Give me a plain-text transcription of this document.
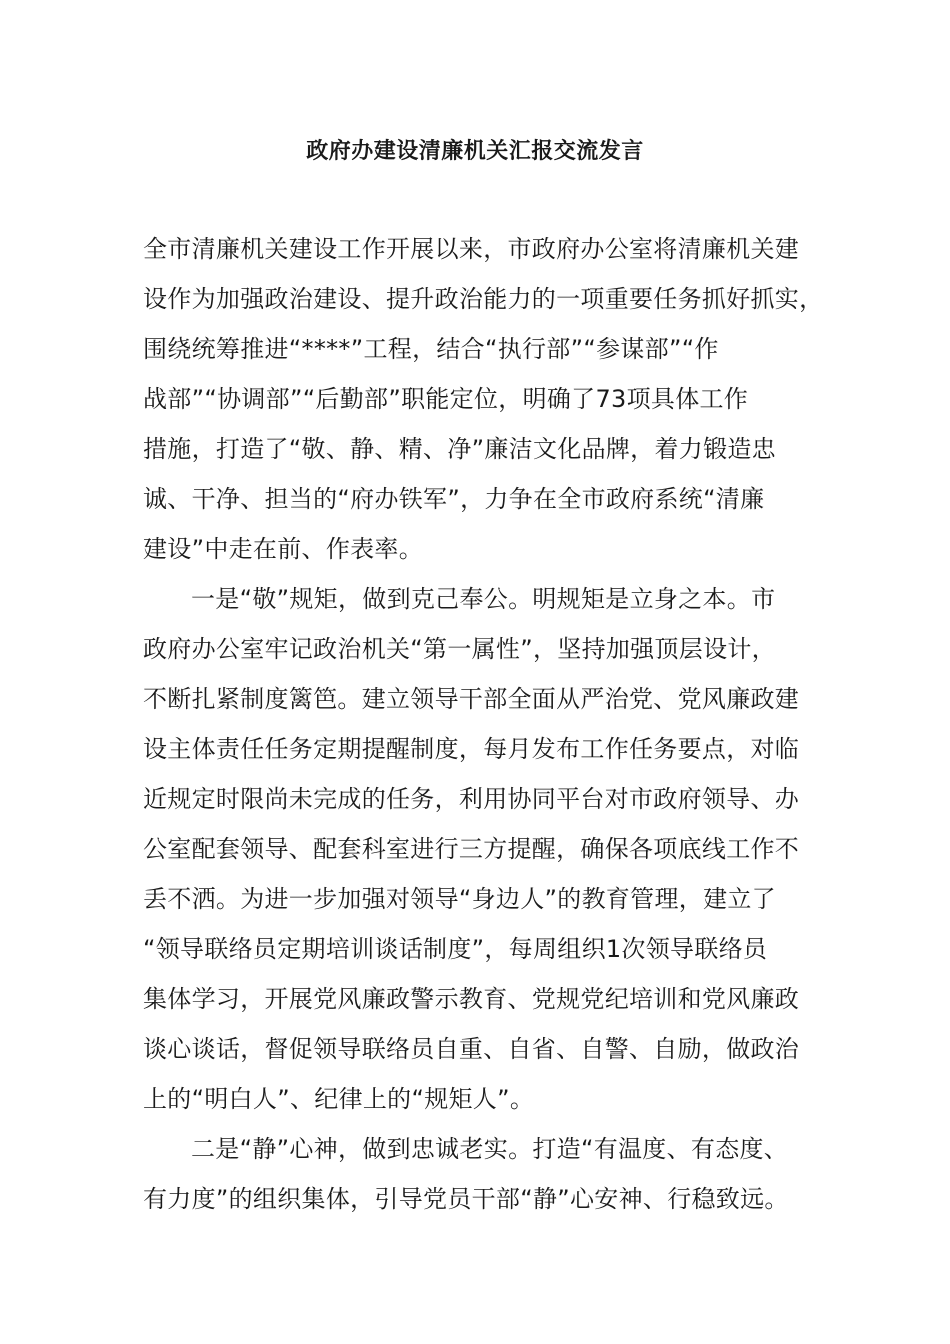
政府办建设清廉机关汇报交流发言
全市清廉机关建设工作开展以来，市政府办公室将清廉机关建
设作为加强政治建设、提升政治能力的一项重要任务抓好抓实，
围绕统筹推进“****”工程，结合“执行部”“参谋部”“作
战部”“协调部”“后勤部”职能定位，明确了73项具体工作
措施，打造了“敬、静、精、净”廉洁文化品牌，着力锻造忠
诚、干净、担当的“府办铁军”，力争在全市政府系统“清廉
建设”中走在前、作表率。
一是“敬”规矩，做到克己奉公。明规矩是立身之本。市
政府办公室牢记政治机关“第一属性”，坚持加强顶层设计，
不断扎紧制度篱笆。建立领导干部全面从严治党、党风廉政建
设主体责任任务定期提醒制度，每月发布工作任务要点，对临
近规定时限尚未完成的任务，利用协同平台对市政府领导、办
公室配套领导、配套科室进行三方提醒，确保各项底线工作不
丢不洒。为进一步加强对领导“身边人”的教育管理，建立了
“领导联络员定期培训谈话制度”，每周组织1次领导联络员
集体学习，开展党风廉政警示教育、党规党纪培训和党风廉政
谈心谈话，督促领导联络员自重、自省、自警、自励，做政治
上的“明白人”、纪律上的“规矩人”。
二是“静”心神，做到忠诚老实。打造“有温度、有态度、
有力度”的组织集体，引导党员干部“静”心安神、行稳致远。
